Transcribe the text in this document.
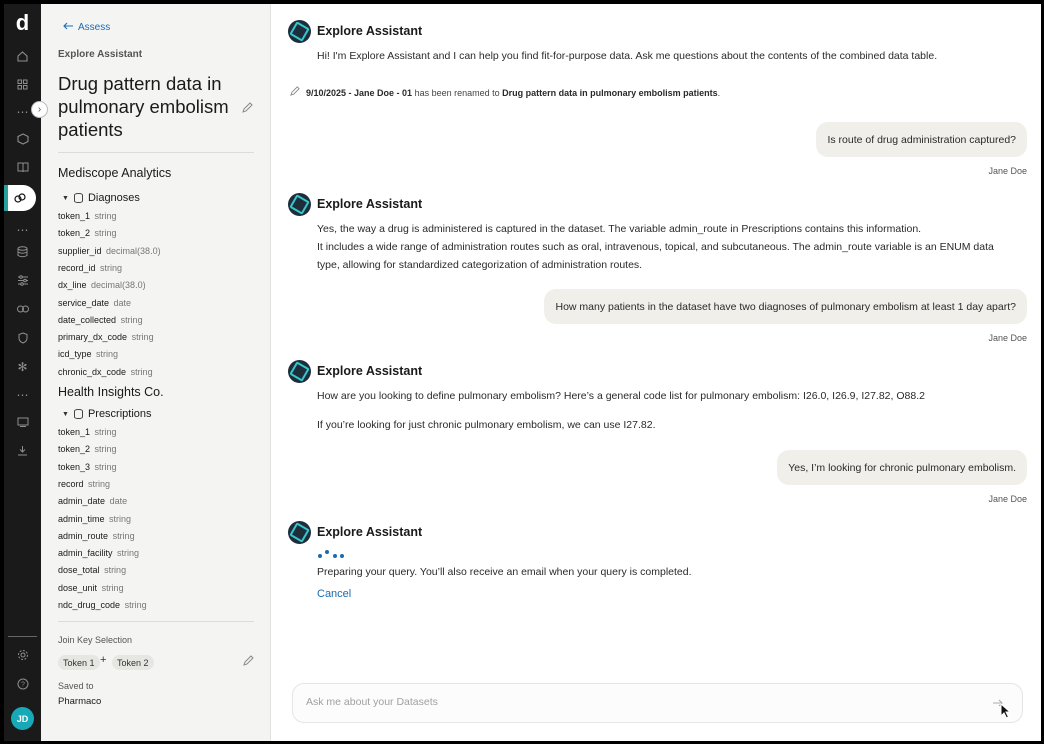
d
⋯
⋯
✻
⋯
?
JD
Assess
Explore Assistant
Drug pattern data in pulmonary embolism patients
Mediscope Analytics
▼ Diagnoses
token_1 string
token_2 string
supplier_id decimal(38.0)
record_id string
dx_line decimal(38.0)
service_date date
date_collected string
primary_dx_code string
icd_type string
chronic_dx_code string
Health Insights Co.
▼ Prescriptions
token_1 string
token_2 string
token_3 string
record string
admin_date date
admin_time string
admin_route string
admin_facility string
dose_total string
dose_unit string
ndc_drug_code string
Join Key Selection
Token 1 +	Token 2
Saved to
Pharmaco
›
Explore Assistant
Hi! I'm Explore Assistant and I can help you find fit-for-purpose data. Ask me questions about the contents of the combined data table.
9/10/2025 - Jane Doe - 01 has been renamed to Drug pattern data in pulmonary embolism patients.
Is route of drug administration captured?
Jane Doe
Explore Assistant
Yes, the way a drug is administered is captured in the dataset. The variable admin_route in Prescriptions contains this information.
It includes a wide range of administration routes such as oral, intravenous, topical, and subcutaneous. The admin_route variable is an ENUM data type, allowing for standardized categorization of administration routes.
How many patients in the dataset have two diagnoses of pulmonary embolism at least 1 day apart?
Jane Doe
Explore Assistant
How are you looking to define pulmonary embolism? Here’s a general code list for pulmonary embolism: I26.0, I26.9, I27.82, O88.2
If you’re looking for just chronic pulmonary embolism, we can use I27.82.
Yes, I’m looking for chronic pulmonary embolism.
Jane Doe
Explore Assistant
Preparing your query. You’ll also receive an email when your query is completed.
Cancel
Ask me about your Datasets
